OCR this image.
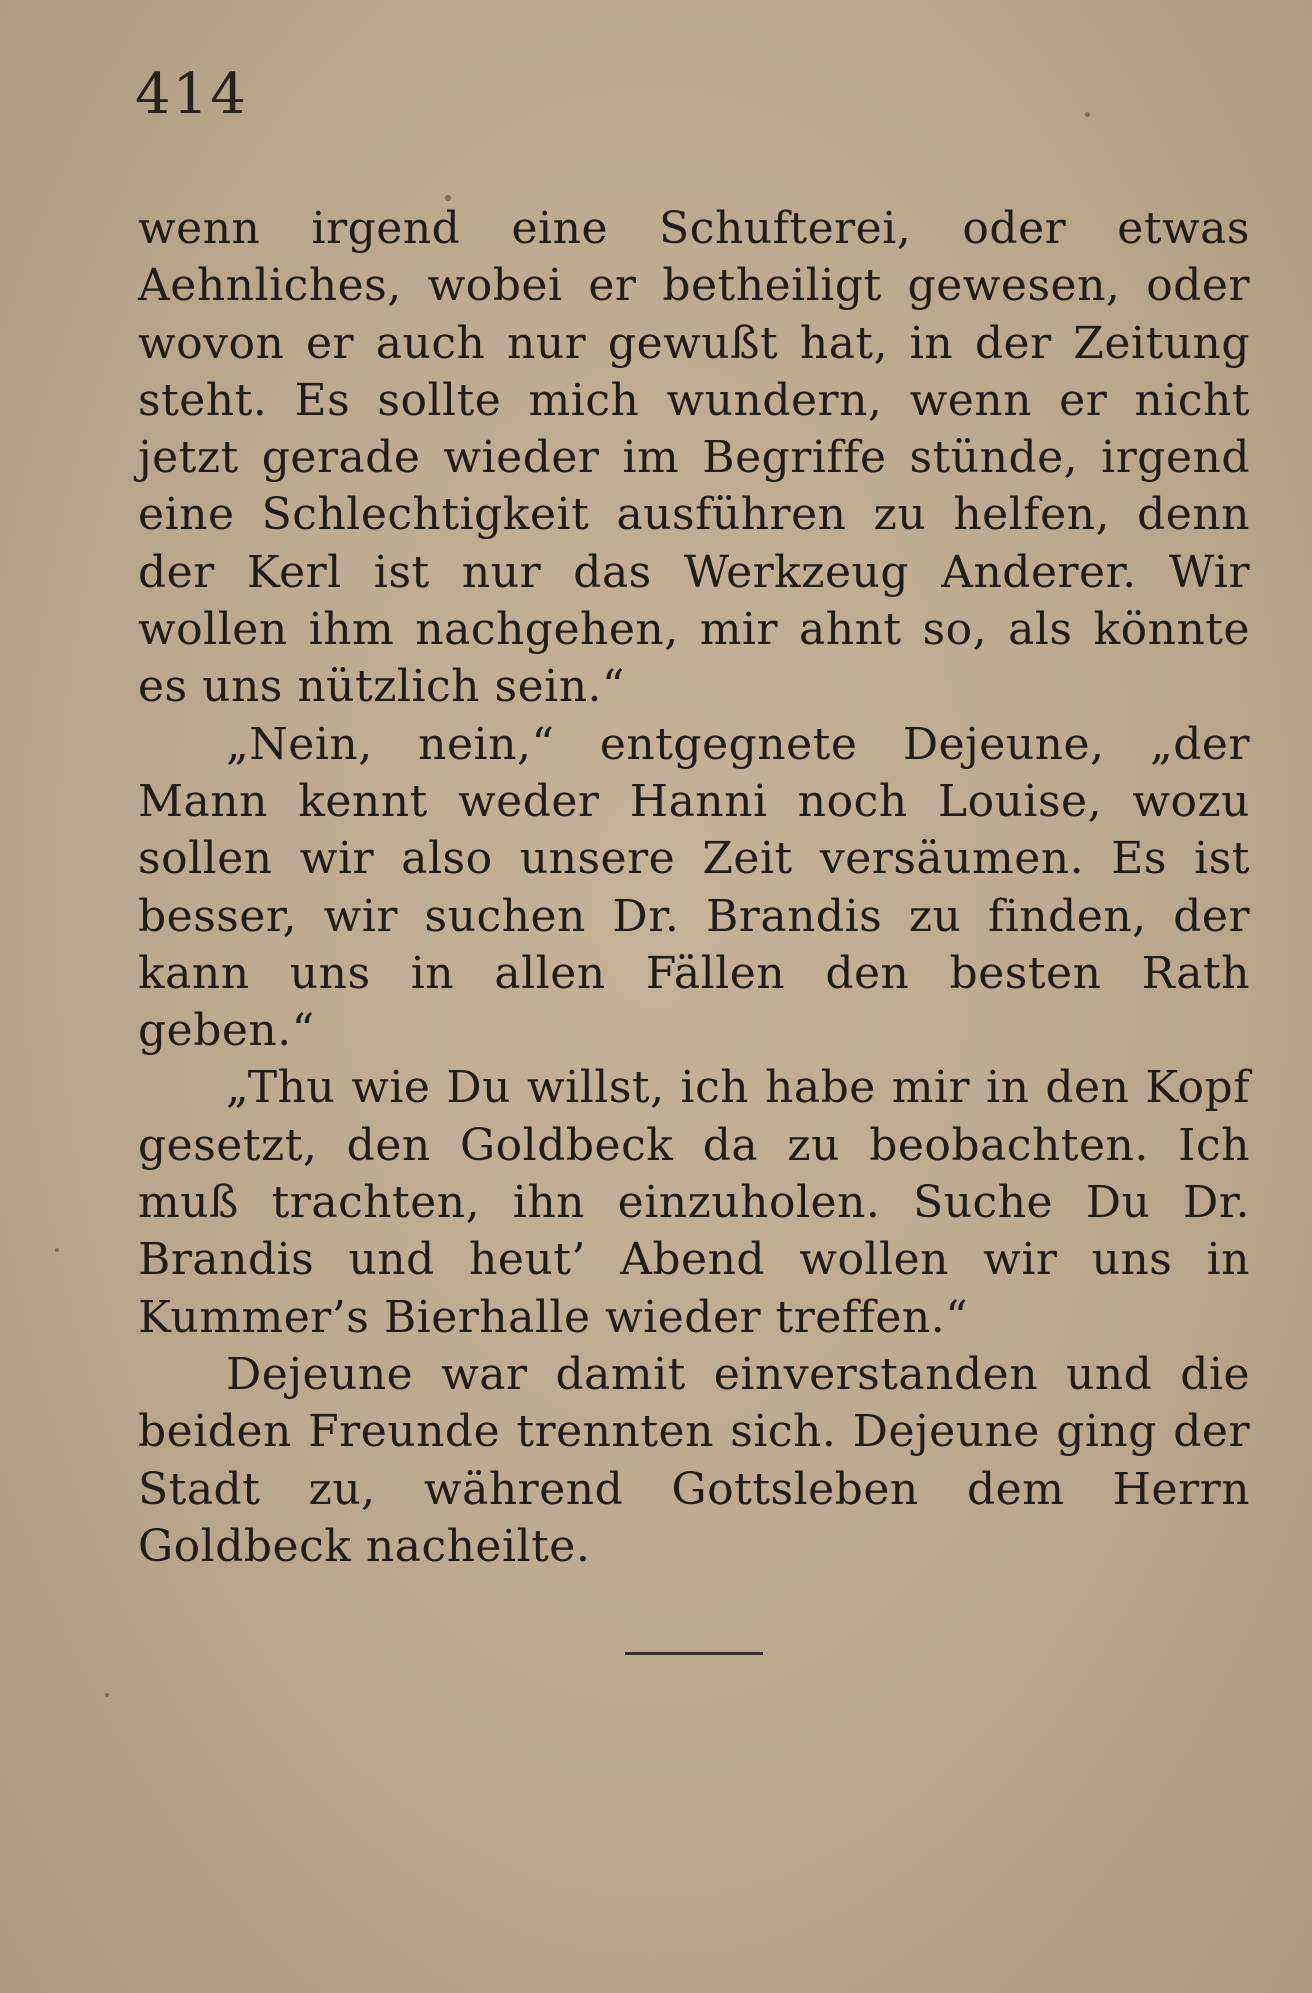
414

wenn irgend eine Schufterei, oder etwas Aehnliches, wobei er betheiligt gewesen, oder wovon er auch nur gewußt hat, in der Zeitung steht. Es sollte mich wundern, wenn er nicht jetzt gerade wieder im Begriffe stünde, irgend eine Schlechtigkeit ausführen zu helfen, denn der Kerl ist nur das Werkzeug Anderer. Wir wollen ihm nachgehen, mir ahnt so, als könnte es uns nützlich sein.“

„Nein, nein,“ entgegnete Dejeune, „der Mann kennt weder Hanni noch Louise, wozu sollen wir also unsere Zeit versäumen. Es ist besser, wir suchen Dr. Brandis zu finden, der kann uns in allen Fällen den besten Rath geben.“

„Thu wie Du willst, ich habe mir in den Kopf gesetzt, den Goldbeck da zu beobachten. Ich muß trachten, ihn einzuholen. Suche Du Dr. Brandis und heut’ Abend wollen wir uns in Kummer’s Bierhalle wieder treffen.“

Dejeune war damit einverstanden und die beiden Freunde trennten sich. Dejeune ging der Stadt zu, während Gottsleben dem Herrn Goldbeck nacheilte.
